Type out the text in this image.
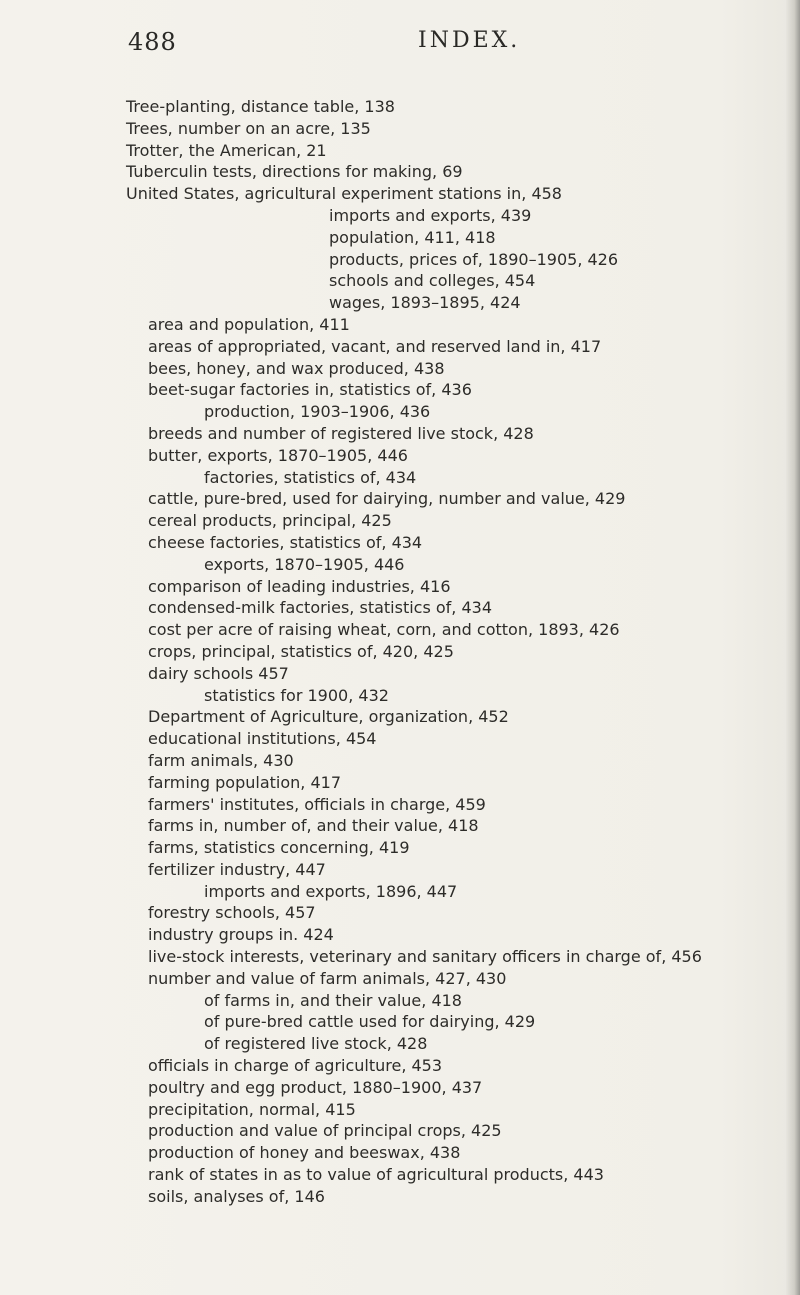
488	INDEX.
Tree-planting, distance table, 138
Trees, number on an acre, 135
Trotter, the American, 21
Tuberculin tests, directions for making, 69
United States, agricultural experiment stations in, 458
imports and exports, 439
population, 411, 418
products, prices of, 1890–1905, 426
schools and colleges, 454
wages, 1893–1895, 424
area and population, 411
areas of appropriated, vacant, and reserved land in, 417
bees, honey, and wax produced, 438
beet-sugar factories in, statistics of, 436
production, 1903–1906, 436
breeds and number of registered live stock, 428
butter, exports, 1870–1905, 446
factories, statistics of, 434
cattle, pure-bred, used for dairying, number and value, 429
cereal products, principal, 425
cheese factories, statistics of, 434
exports, 1870–1905, 446
comparison of leading industries, 416
condensed-milk factories, statistics of, 434
cost per acre of raising wheat, corn, and cotton, 1893, 426
crops, principal, statistics of, 420, 425
dairy schools 457
statistics for 1900, 432
Department of Agriculture, organization, 452
educational institutions, 454
farm animals, 430
farming population, 417
farmers' institutes, officials in charge, 459
farms in, number of, and their value, 418
farms, statistics concerning, 419
fertilizer industry, 447
imports and exports, 1896, 447
forestry schools, 457
industry groups in. 424
live-stock interests, veterinary and sanitary officers in charge of, 456
number and value of farm animals, 427, 430
of farms in, and their value, 418
of pure-bred cattle used for dairying, 429
of registered live stock, 428
officials in charge of agriculture, 453
poultry and egg product, 1880–1900, 437
precipitation, normal, 415
production and value of principal crops, 425
production of honey and beeswax, 438
rank of states in as to value of agricultural products, 443
soils, analyses of, 146
